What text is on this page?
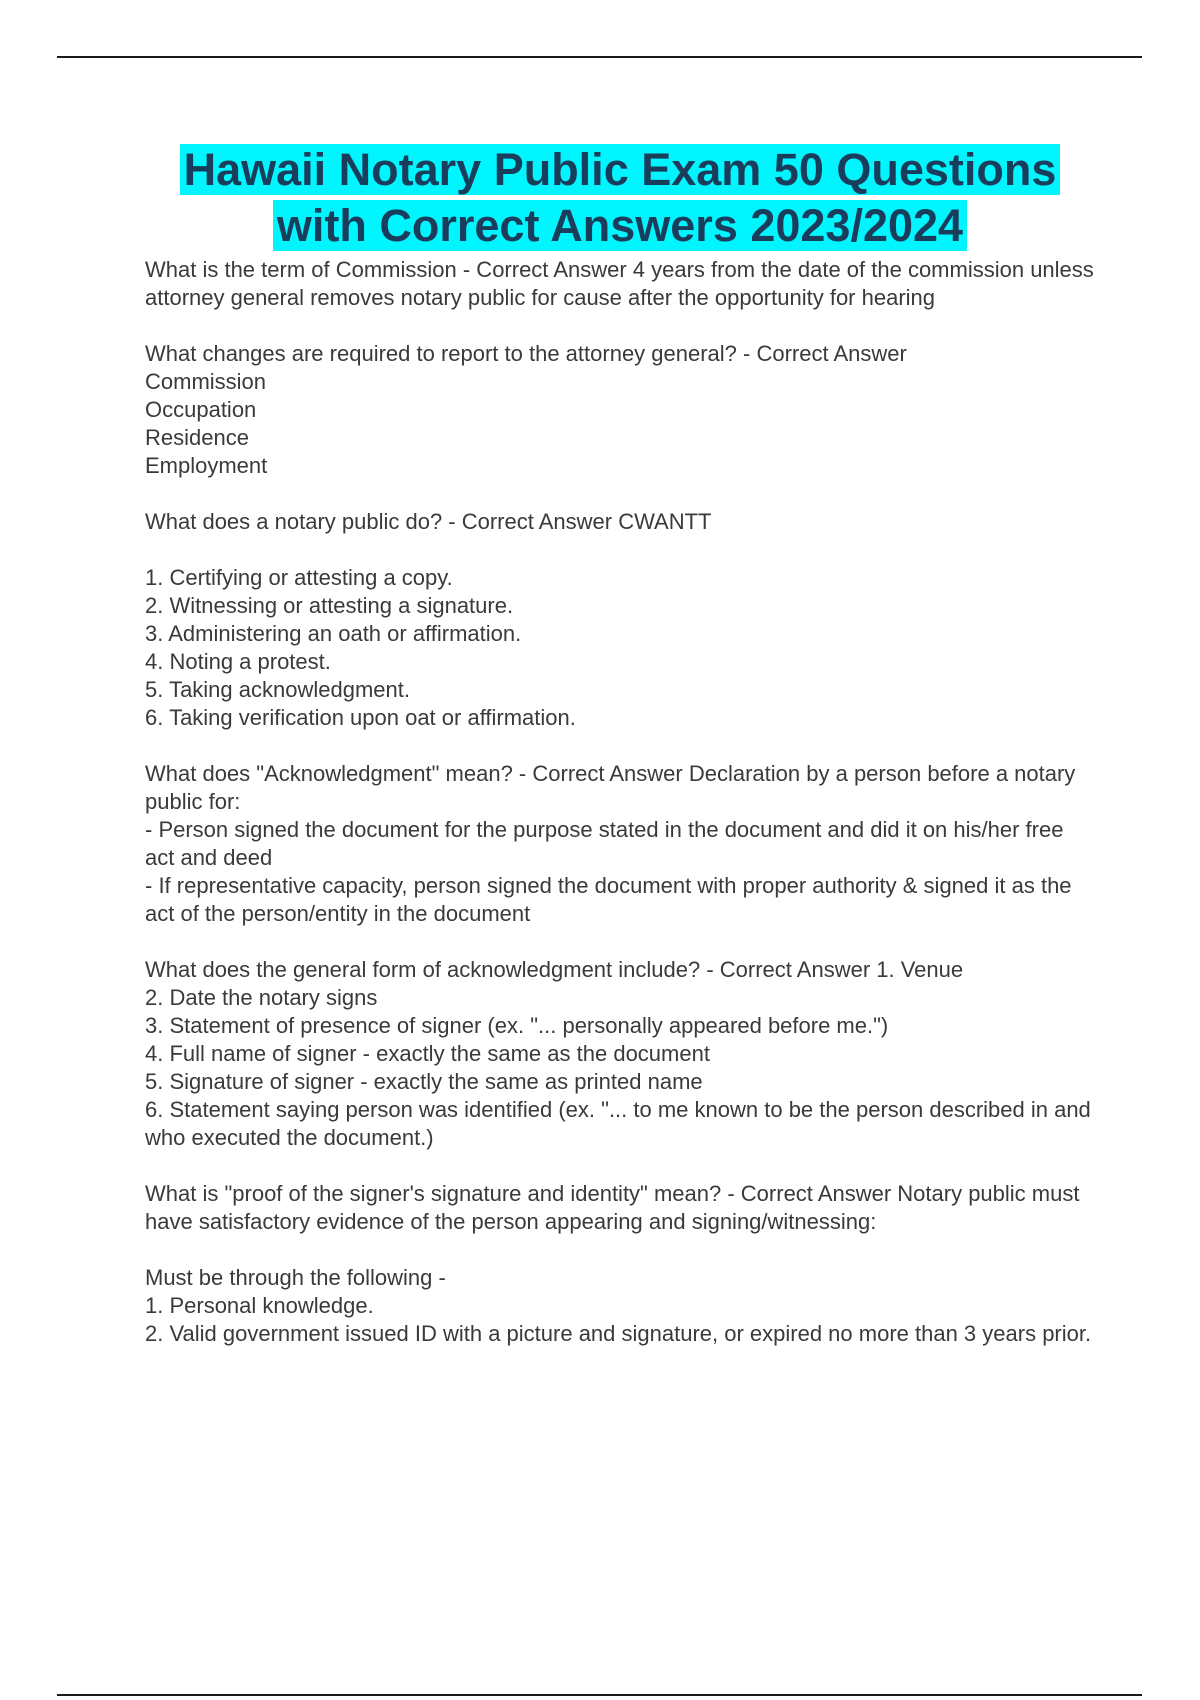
Hawaii Notary Public Exam 50 Questions
with Correct Answers 2023/2024

What is the term of Commission - Correct Answer 4 years from the date of the commission unless attorney general removes notary public for cause after the opportunity for hearing

What changes are required to report to the attorney general? - Correct Answer

Commission

Occupation

Residence

Employment

What does a notary public do? - Correct Answer CWANTT

1. Certifying or attesting a copy.

2. Witnessing or attesting a signature.

3. Administering an oath or affirmation.

4. Noting a protest.

5. Taking acknowledgment.

6. Taking verification upon oat or affirmation.

What does "Acknowledgment" mean? - Correct Answer Declaration by a person before a notary public for:

- Person signed the document for the purpose stated in the document and did it on his/her free act and deed

- If representative capacity, person signed the document with proper authority & signed it as the act of the person/entity in the document

What does the general form of acknowledgment include? - Correct Answer 1. Venue

2. Date the notary signs

3. Statement of presence of signer (ex. "... personally appeared before me.")

4. Full name of signer - exactly the same as the document

5. Signature of signer - exactly the same as printed name

6. Statement saying person was identified (ex. "... to me known to be the person described in and who executed the document.)

What is "proof of the signer's signature and identity" mean? - Correct Answer Notary public must have satisfactory evidence of the person appearing and signing/witnessing:

Must be through the following -

1. Personal knowledge.

2. Valid government issued ID with a picture and signature, or expired no more than 3 years prior.
